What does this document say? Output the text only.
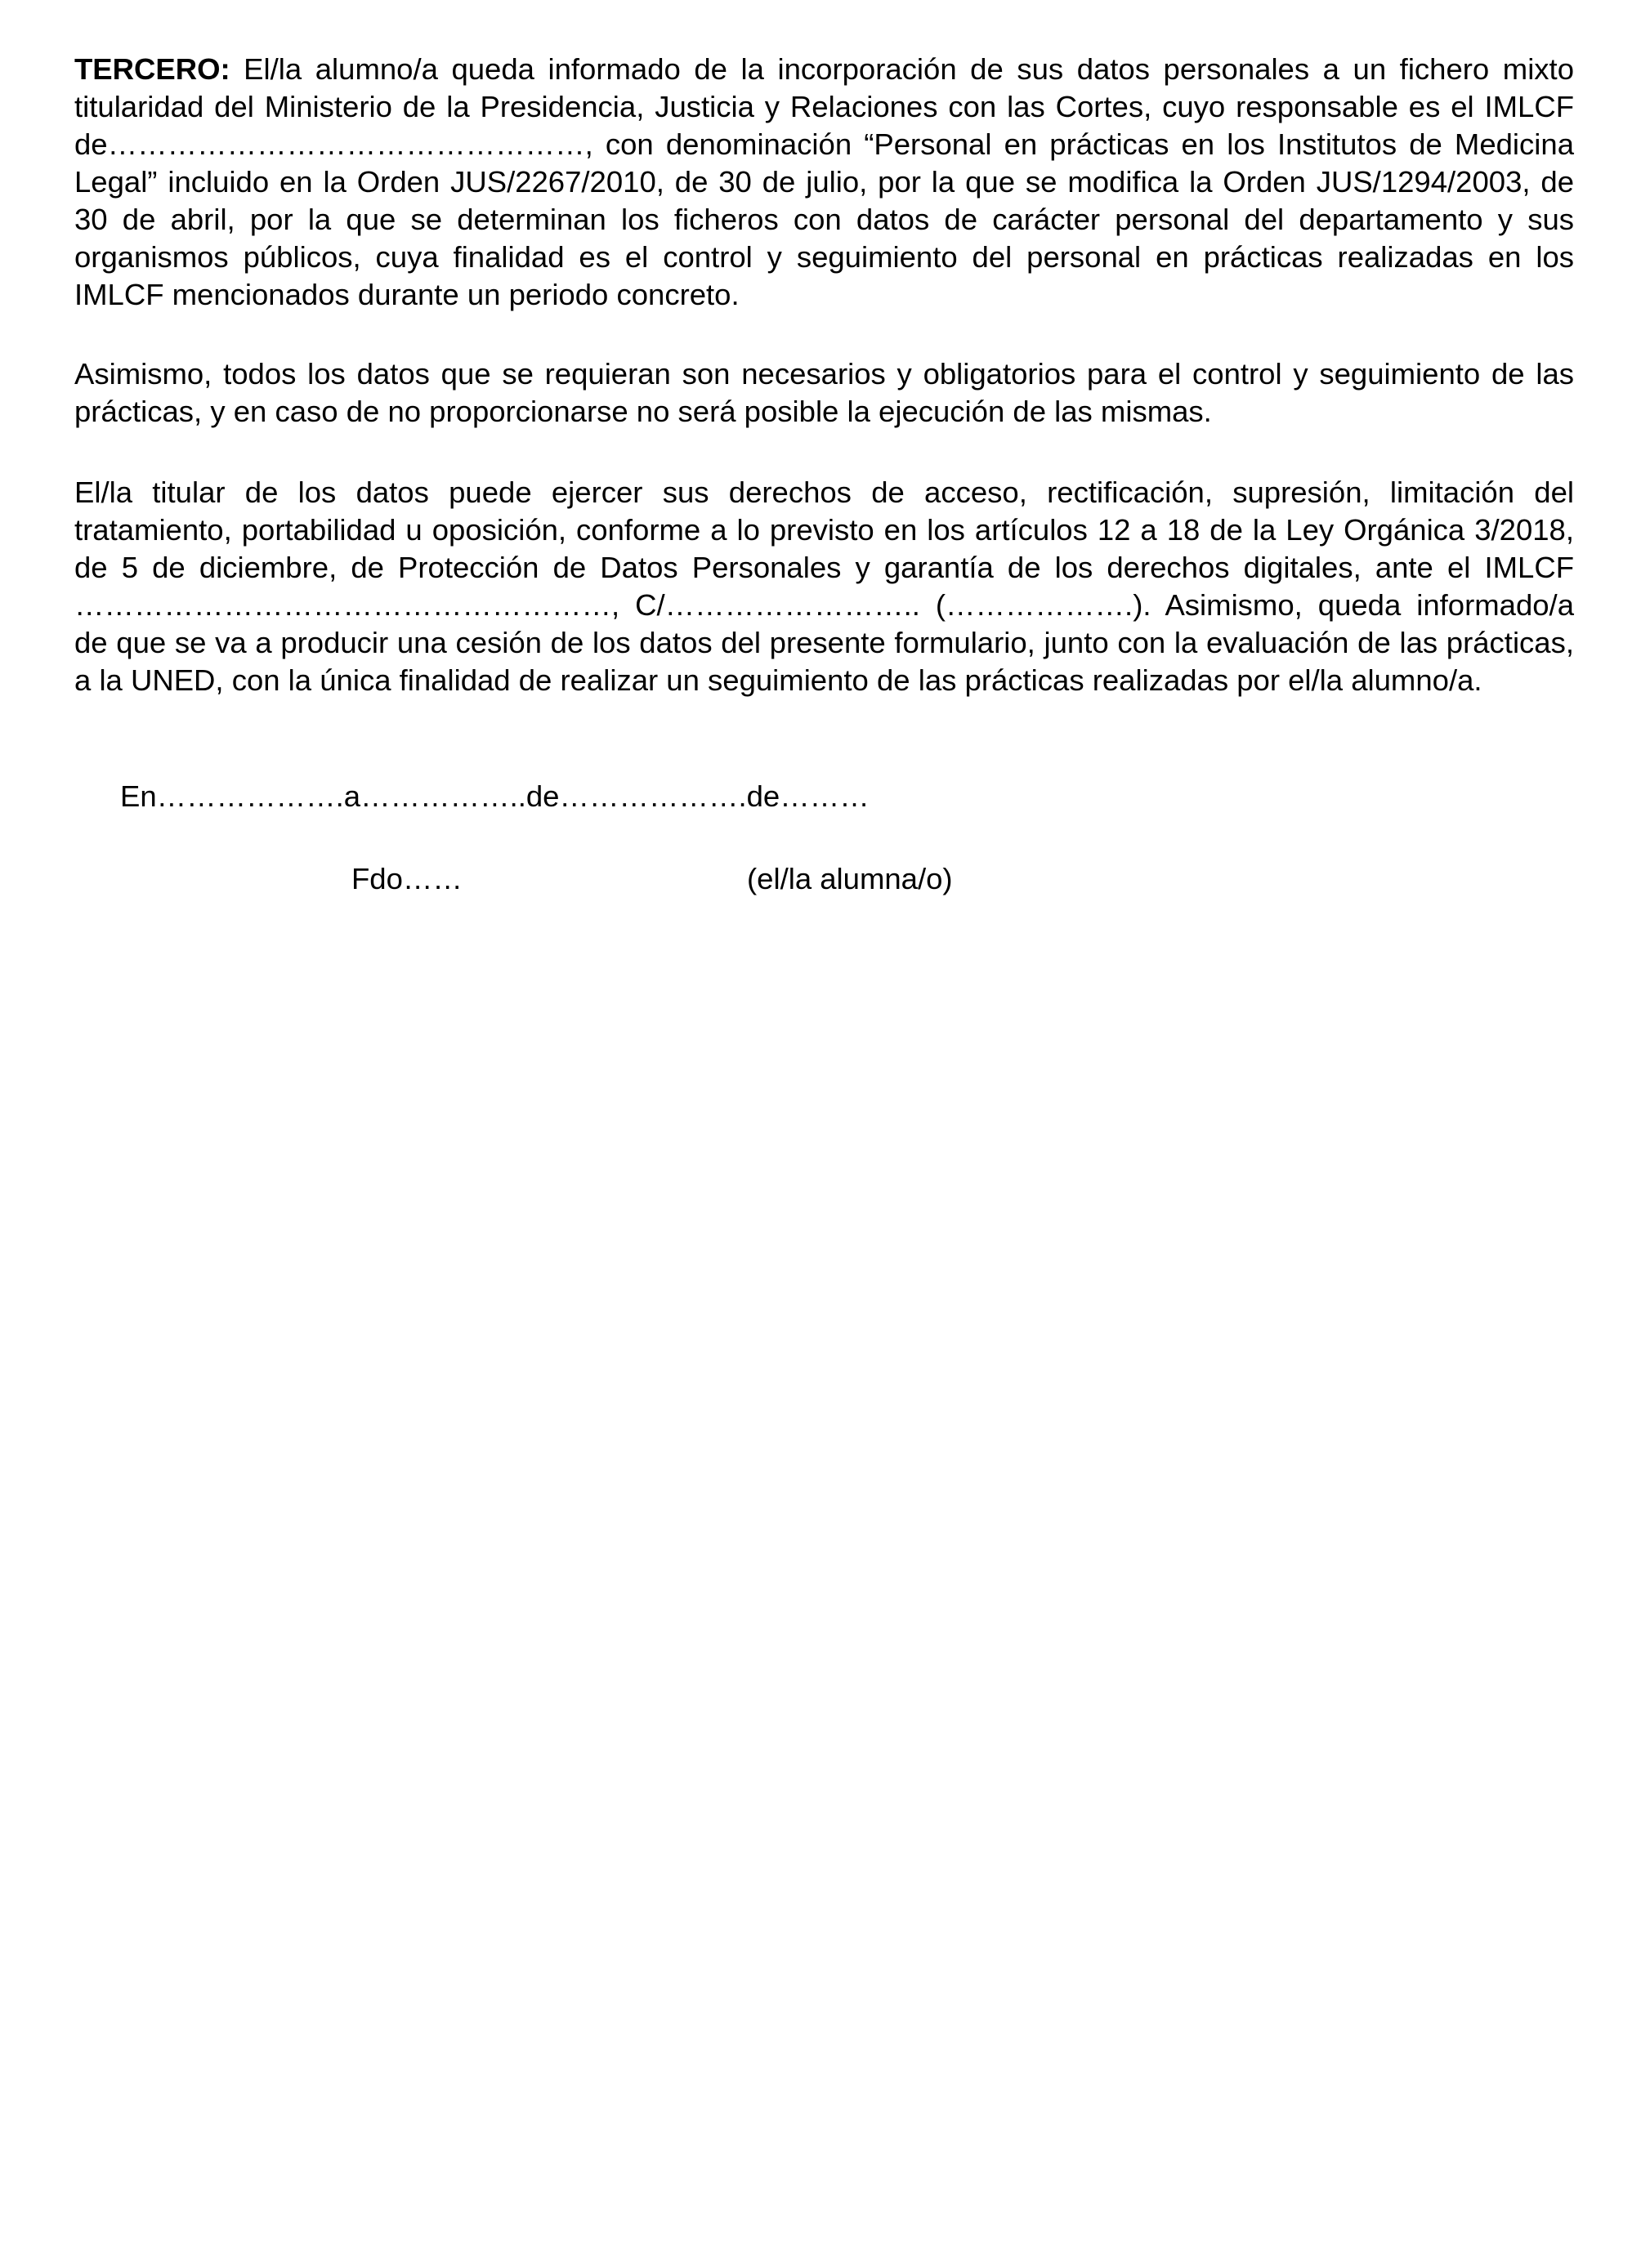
TERCERO: El/la alumno/a queda informado de la incorporación de sus datos personales a un fichero mixto titularidad del Ministerio de la Presidencia, Justicia y Relaciones con las Cortes, cuyo responsable es el IMLCF de…………………………………………, con denominación “Personal en prácticas en los Institutos de Medicina Legal” incluido en la Orden JUS/2267/2010, de 30 de julio, por la que se modifica la Orden JUS/1294/2003, de 30 de abril, por la que se determinan los ficheros con datos de carácter personal del departamento y sus organismos públicos, cuya finalidad es el control y seguimiento del personal en prácticas realizadas en los IMLCF mencionados durante un periodo concreto.

Asimismo, todos los datos que se requieran son necesarios y obligatorios para el control y seguimiento de las prácticas, y en caso de no proporcionarse no será posible la ejecución de las mismas.

El/la titular de los datos puede ejercer sus derechos de acceso, rectificación, supresión, limitación del tratamiento, portabilidad u oposición, conforme a lo previsto en los artículos 12 a 18 de la Ley Orgánica 3/2018, de 5 de diciembre, de Protección de Datos Personales y garantía de los derechos digitales, ante el IMLCF ………………………………………………, C/…………………….. (……………….). Asimismo, queda informado/a de que se va a producir una cesión de los datos del presente formulario, junto con la evaluación de las prácticas, a la UNED, con la única finalidad de realizar un seguimiento de las prácticas realizadas por el/la alumno/a.

En……………….a……………..de……………….de………

Fdo……	(el/la alumna/o)
